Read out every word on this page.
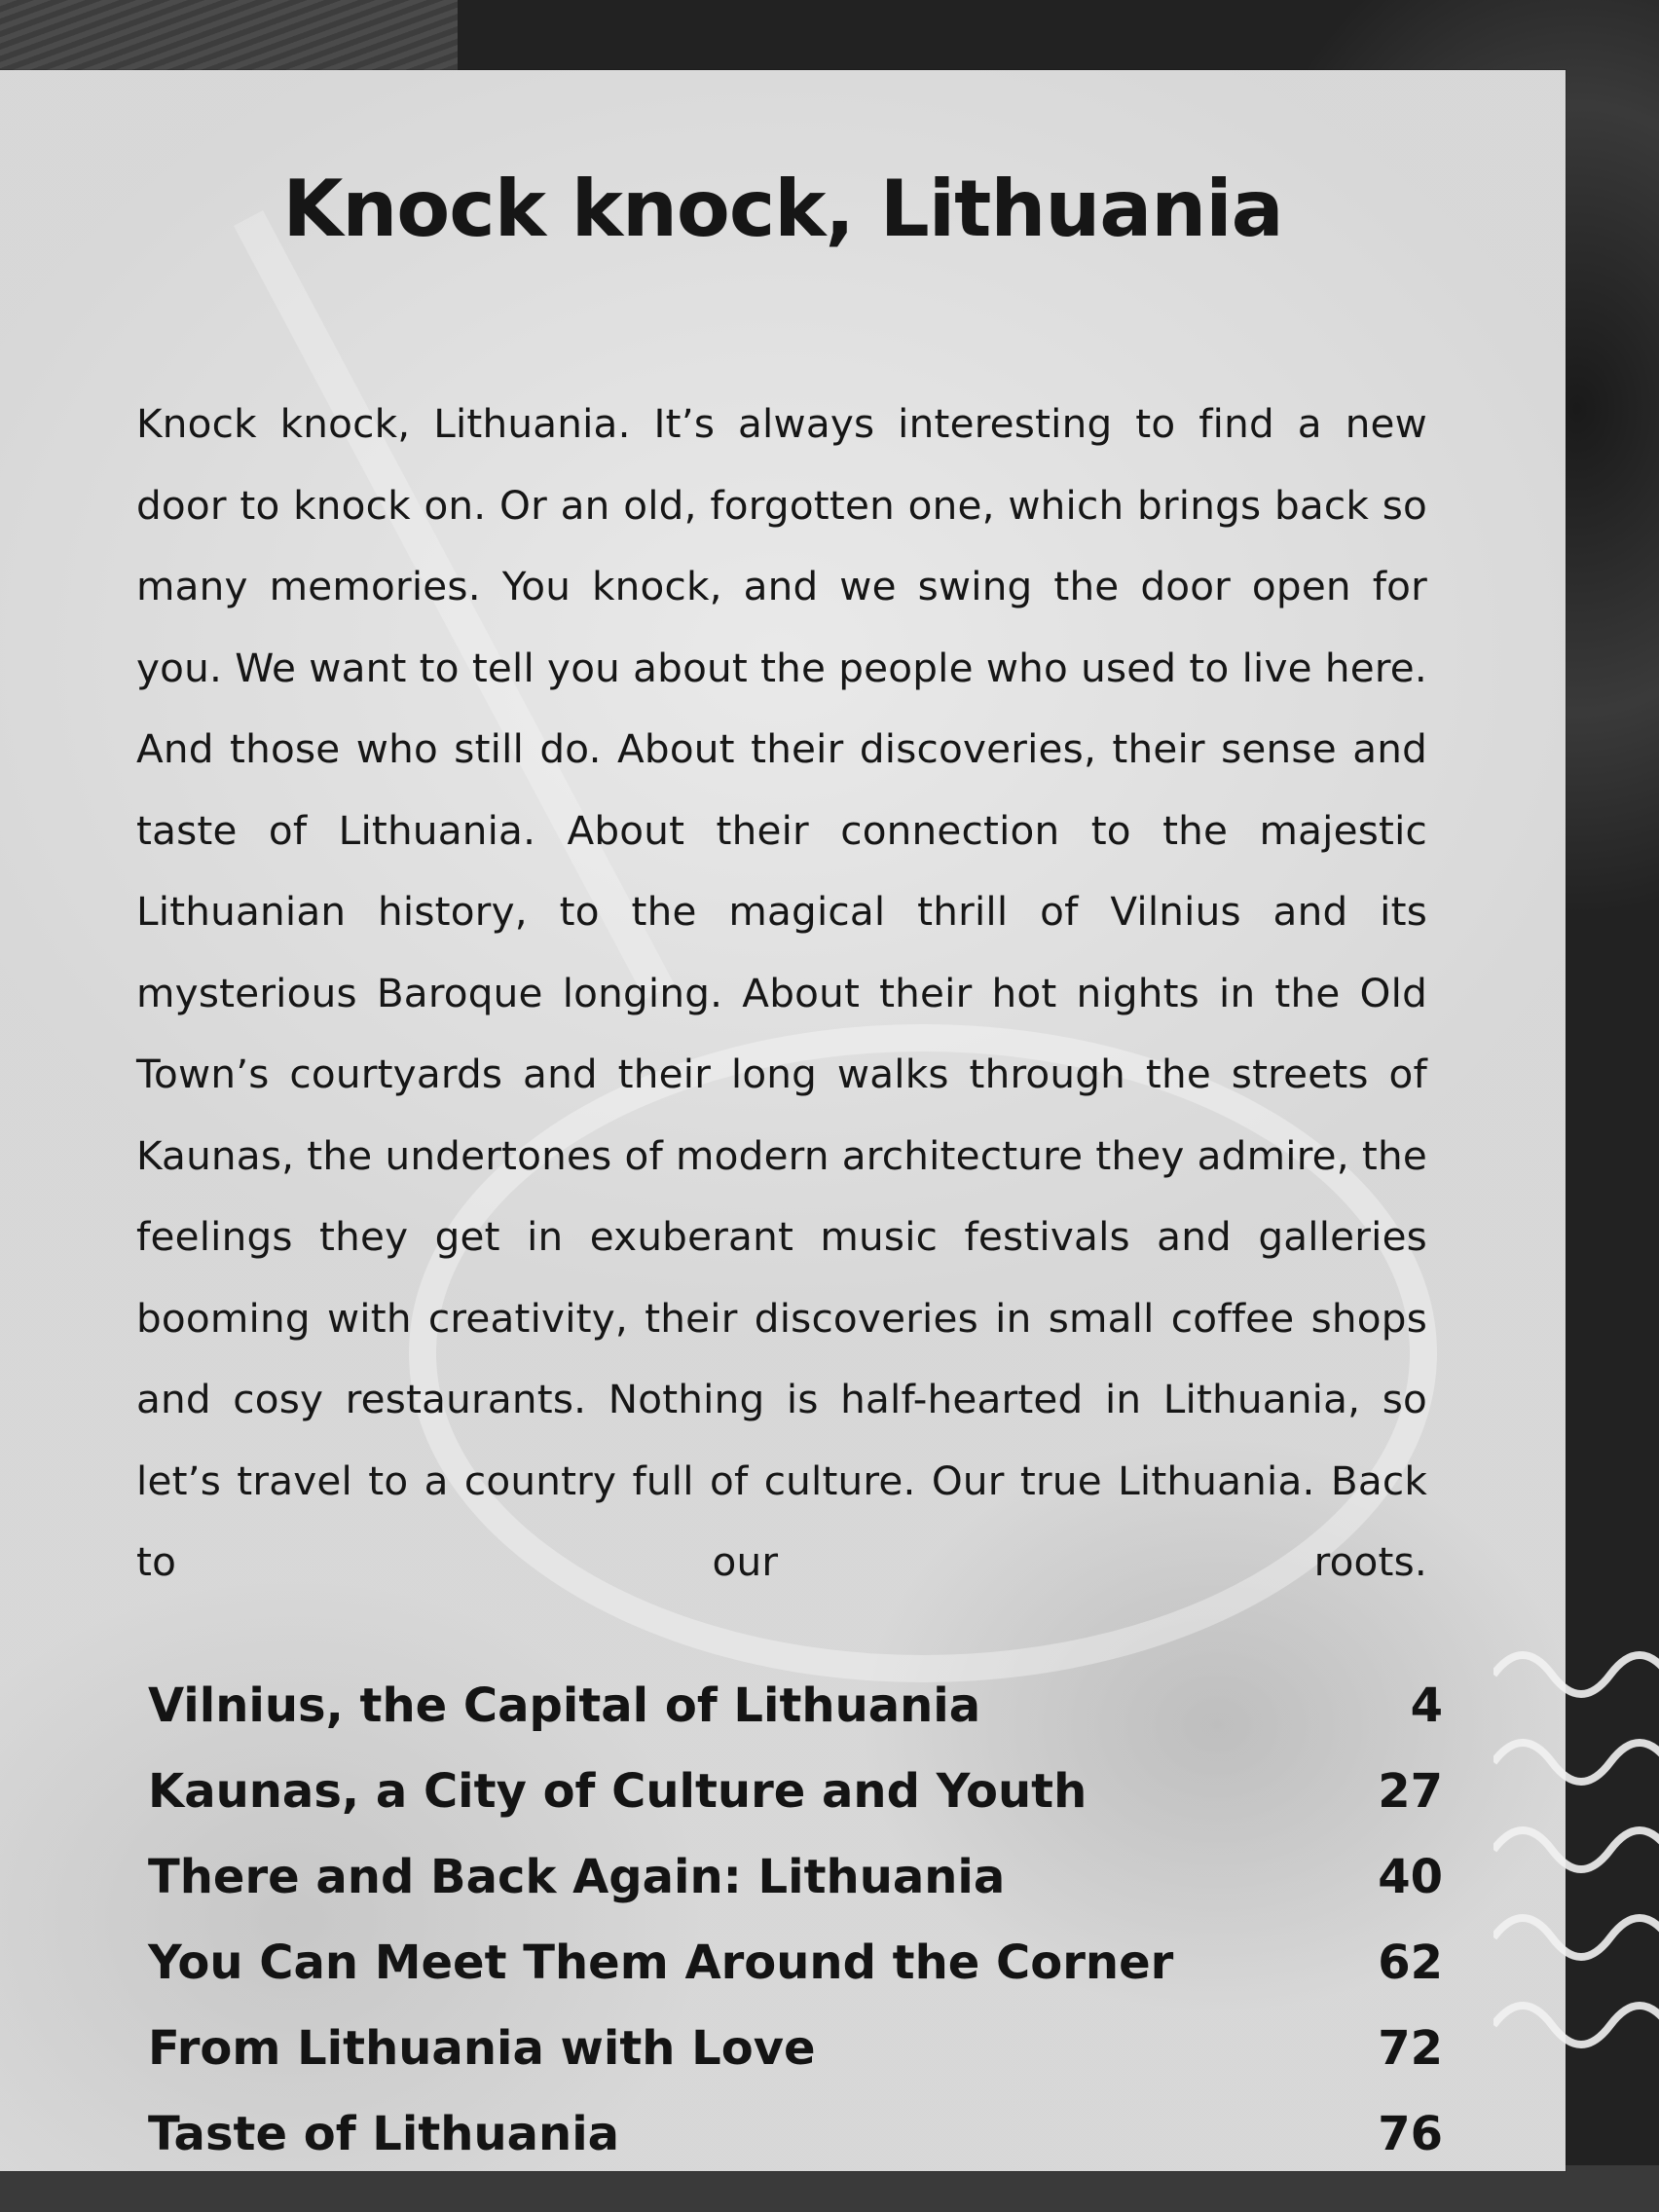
Knock knock, Lithuania

Knock knock, Lithuania. It’s always interesting to find a new door to knock on. Or an old, forgotten one, which brings back so many memories. You knock, and we swing the door open for you. We want to tell you about the people who used to live here. And those who still do. About their discoveries, their sense and taste of Lithuania. About their connection to the majestic Lithuanian history, to the magical thrill of Vilnius and its mysterious Baroque longing. About their hot nights in the Old Town’s courtyards and their long walks through the streets of Kaunas, the undertones of modern architecture they admire, the feelings they get in exuberant music festivals and galleries booming with creativity, their discoveries in small coffee shops and cosy restaurants. Nothing is half-hearted in Lithuania, so let’s travel to a country full of culture. Our true Lithuania. Back to our roots.

Vilnius, the Capital of Lithuania	4
Kaunas, a City of Culture and Youth	27
There and Back Again: Lithuania	40
You Can Meet Them Around the Corner	62
From Lithuania with Love	72
Taste of Lithuania	76
